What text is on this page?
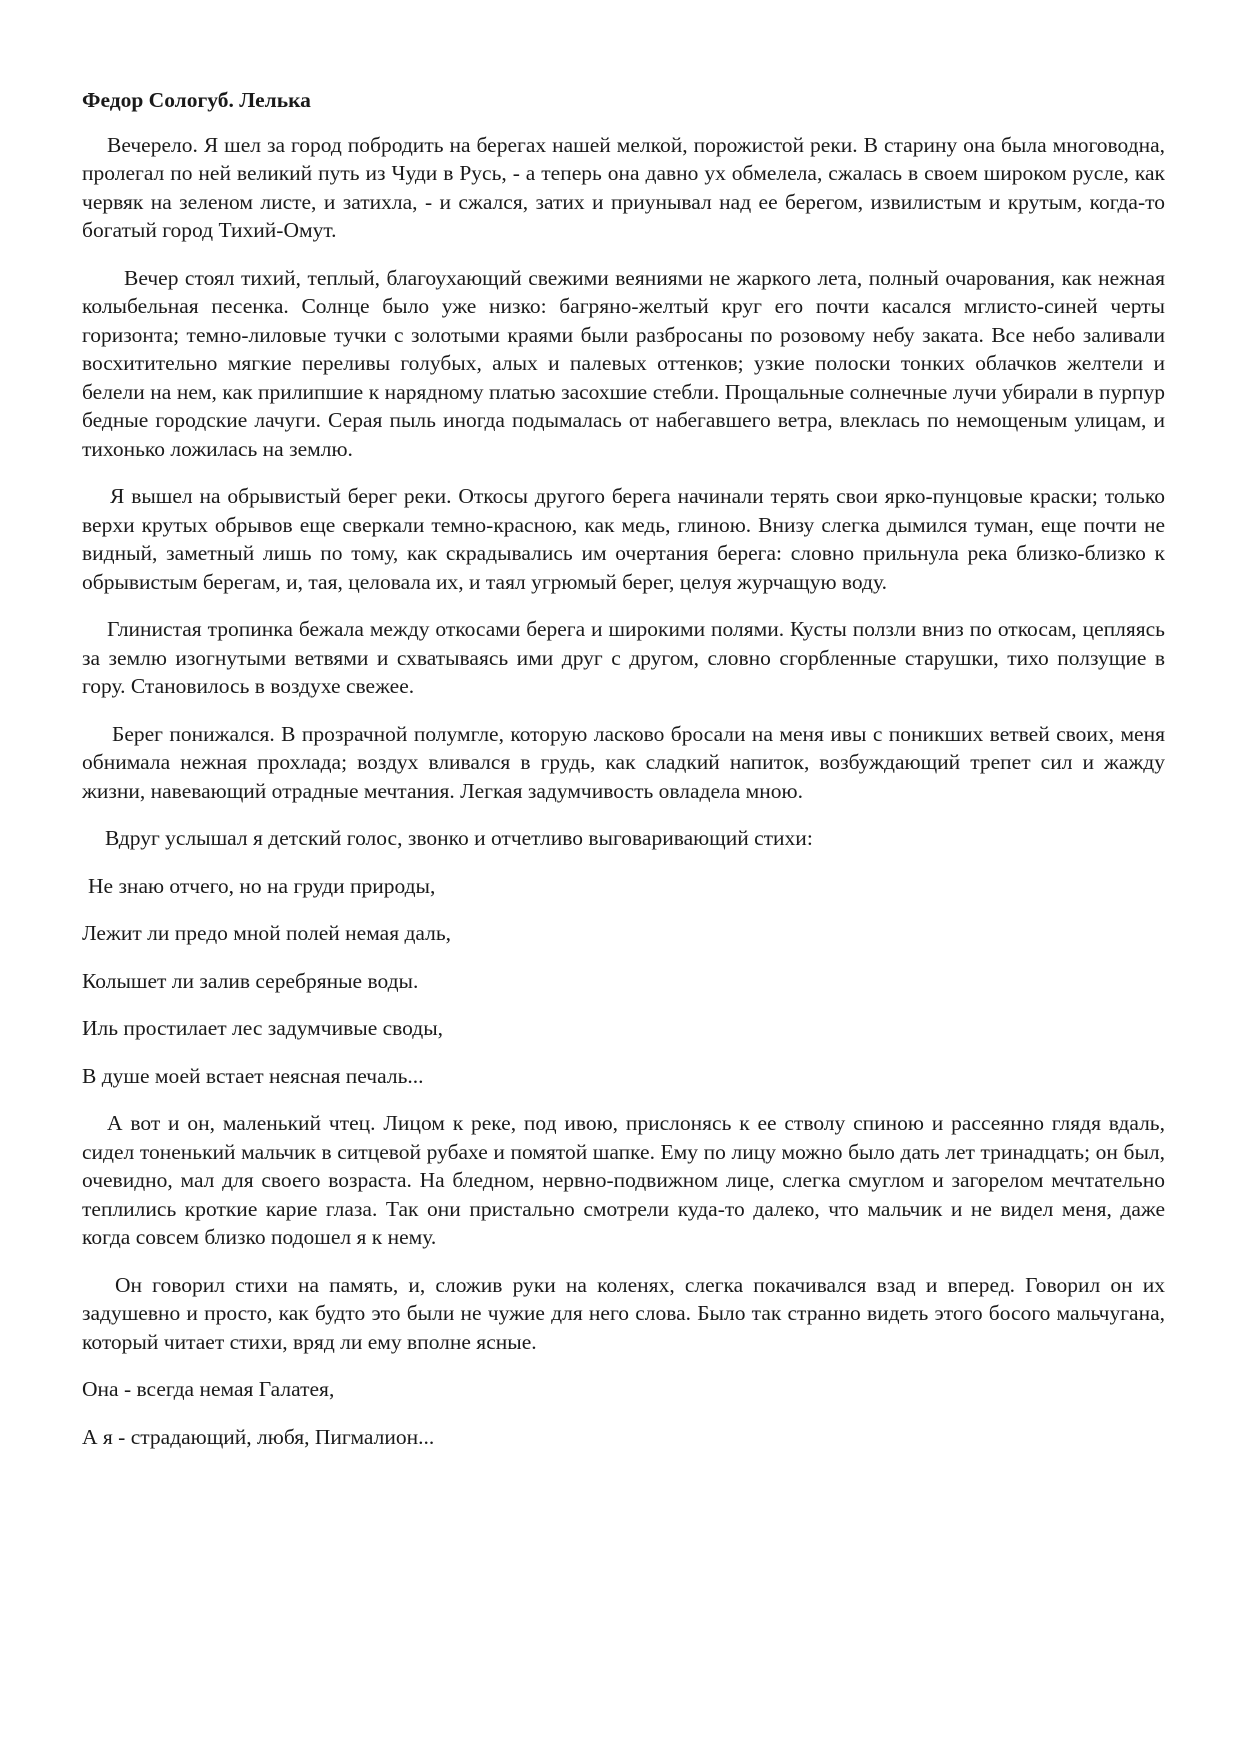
Федор Сологуб. Лелька

Вечерело. Я шел за город побродить на берегах нашей мелкой, порожистой реки. В старину она была многоводна, пролегал по ней великий путь из Чуди в Русь, - а теперь она давно ух обмелела, сжалась в своем широком русле, как червяк на зеленом листе, и затихла, - и сжался, затих и приунывал над ее берегом, извилистым и крутым, когда-то богатый город Тихий-Омут.

Вечер стоял тихий, теплый, благоухающий свежими веяниями не жаркого лета, полный очарования, как нежная колыбельная песенка. Солнце было уже низко: багряно-желтый круг его почти касался мглисто-синей черты горизонта; темно-лиловые тучки с золотыми краями были разбросаны по розовому небу заката. Все небо заливали восхитительно мягкие переливы голубых, алых и палевых оттенков; узкие полоски тонких облачков желтели и белели на нем, как прилипшие к нарядному платью засохшие стебли. Прощальные солнечные лучи убирали в пурпур бедные городские лачуги. Серая пыль иногда подымалась от набегавшего ветра, влеклась по немощеным улицам, и тихонько ложилась на землю.

Я вышел на обрывистый берег реки. Откосы другого берега начинали терять свои ярко-пунцовые краски; только верхи крутых обрывов еще сверкали темно-красною, как медь, глиною. Внизу слегка дымился туман, еще почти не видный, заметный лишь по тому, как скрадывались им очертания берега: словно прильнула река близко-близко к обрывистым берегам, и, тая, целовала их, и таял угрюмый берег, целуя журчащую воду.

Глинистая тропинка бежала между откосами берега и широкими полями. Кусты ползли вниз по откосам, цепляясь за землю изогнутыми ветвями и схватываясь ими друг с другом, словно сгорбленные старушки, тихо ползущие в гору. Становилось в воздухе свежее.

Берег понижался. В прозрачной полумгле, которую ласково бросали на меня ивы с поникших ветвей своих, меня обнимала нежная прохлада; воздух вливался в грудь, как сладкий напиток, возбуждающий трепет сил и жажду жизни, навевающий отрадные мечтания. Легкая задумчивость овладела мною.

Вдруг услышал я детский голос, звонко и отчетливо выговаривающий стихи:

Не знаю отчего, но на груди природы,

Лежит ли предо мной полей немая даль,

Колышет ли залив серебряные воды.

Иль простилает лес задумчивые своды,

В душе моей встает неясная печаль...

А вот и он, маленький чтец. Лицом к реке, под ивою, прислонясь к ее стволу спиною и рассеянно глядя вдаль, сидел тоненький мальчик в ситцевой рубахе и помятой шапке. Ему по лицу можно было дать лет тринадцать; он был, очевидно, мал для своего возраста. На бледном, нервно-подвижном лице, слегка смуглом и загорелом мечтательно теплились кроткие карие глаза. Так они пристально смотрели куда-то далеко, что мальчик и не видел меня, даже когда совсем близко подошел я к нему.

Он говорил стихи на память, и, сложив руки на коленях, слегка покачивался взад и вперед. Говорил он их задушевно и просто, как будто это были не чужие для него слова. Было так странно видеть этого босого мальчугана, который читает стихи, вряд ли ему вполне ясные.

Она - всегда немая Галатея,

А я - страдающий, любя, Пигмалион...
